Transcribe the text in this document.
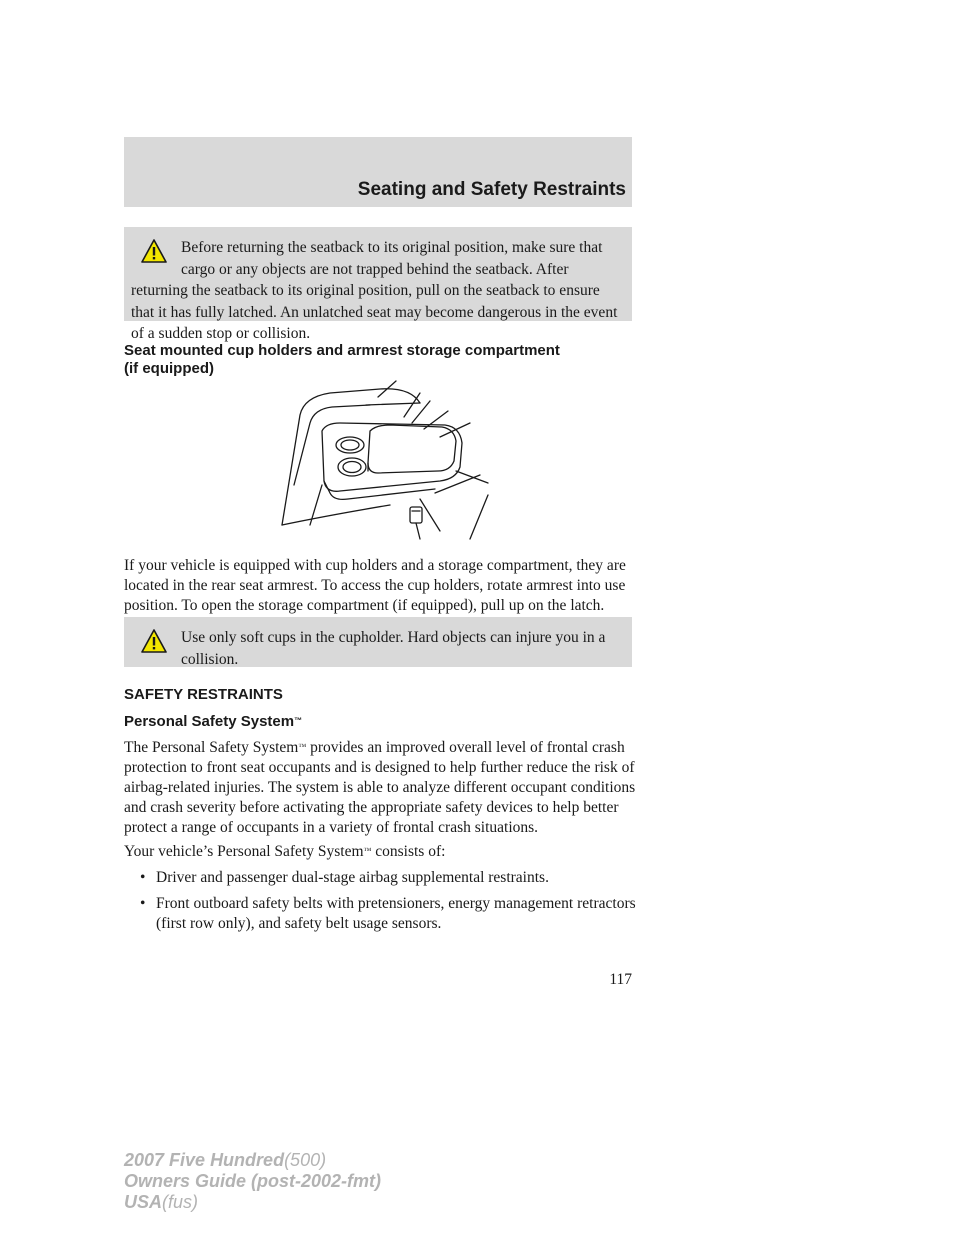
Seating and Safety Restraints
Before returning the seatback to its original position, make sure that cargo or any objects are not trapped behind the seatback. After returning the seatback to its original position, pull on the seatback to ensure that it has fully latched. An unlatched seat may become dangerous in the event of a sudden stop or collision.
Seat mounted cup holders and armrest storage compartment
(if equipped)
If your vehicle is equipped with cup holders and a storage compartment, they are located in the rear seat armrest. To access the cup holders, rotate armrest into use position. To open the storage compartment (if equipped), pull up on the latch.
Use only soft cups in the cupholder. Hard objects can injure you in a collision.
SAFETY RESTRAINTS
Personal Safety System™
The Personal Safety System™ provides an improved overall level of frontal crash protection to front seat occupants and is designed to help further reduce the risk of airbag-related injuries. The system is able to analyze different occupant conditions and crash severity before activating the appropriate safety devices to help better protect a range of occupants in a variety of frontal crash situations.
Your vehicle’s Personal Safety System™ consists of:
• Driver and passenger dual-stage airbag supplemental restraints.
• Front outboard safety belts with pretensioners, energy management retractors (first row only), and safety belt usage sensors.
117
2007 Five Hundred(500)
Owners Guide (post-2002-fmt)
USA(fus)
